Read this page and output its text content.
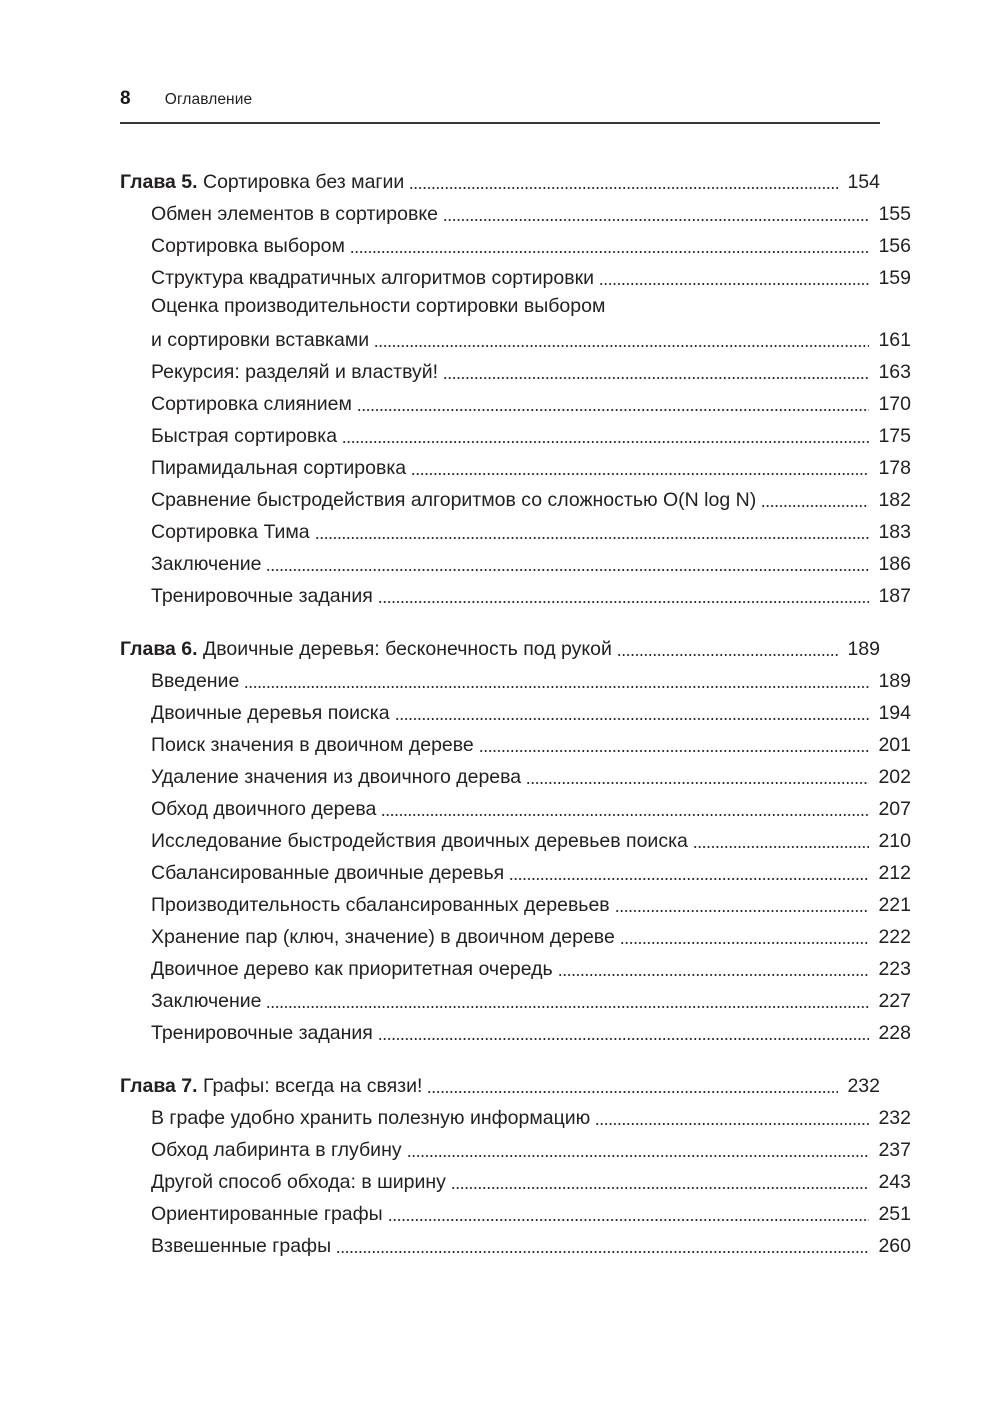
8 Оглавление
Глава 5. Сортировка без магии	154
Обмен элементов в сортировке	155
Сортировка выбором	156
Структура квадратичных алгоритмов сортировки	159
Оценка производительности сортировки выбором
и сортировки вставками	161
Рекурсия: разделяй и властвуй!	163
Сортировка слиянием	170
Быстрая сортировка	175
Пирамидальная сортировка	178
Сравнение быстродействия алгоритмов со сложностью O(N log N)	182
Сортировка Тима	183
Заключение	186
Тренировочные задания	187
Глава 6. Двоичные деревья: бесконечность под рукой	189
Введение	189
Двоичные деревья поиска	194
Поиск значения в двоичном дереве	201
Удаление значения из двоичного дерева	202
Обход двоичного дерева	207
Исследование быстродействия двоичных деревьев поиска	210
Сбалансированные двоичные деревья	212
Производительность сбалансированных деревьев	221
Хранение пар (ключ, значение) в двоичном дереве	222
Двоичное дерево как приоритетная очередь	223
Заключение	227
Тренировочные задания	228
Глава 7. Графы: всегда на связи!	232
В графе удобно хранить полезную информацию	232
Обход лабиринта в глубину	237
Другой способ обхода: в ширину	243
Ориентированные графы	251
Взвешенные графы	260
